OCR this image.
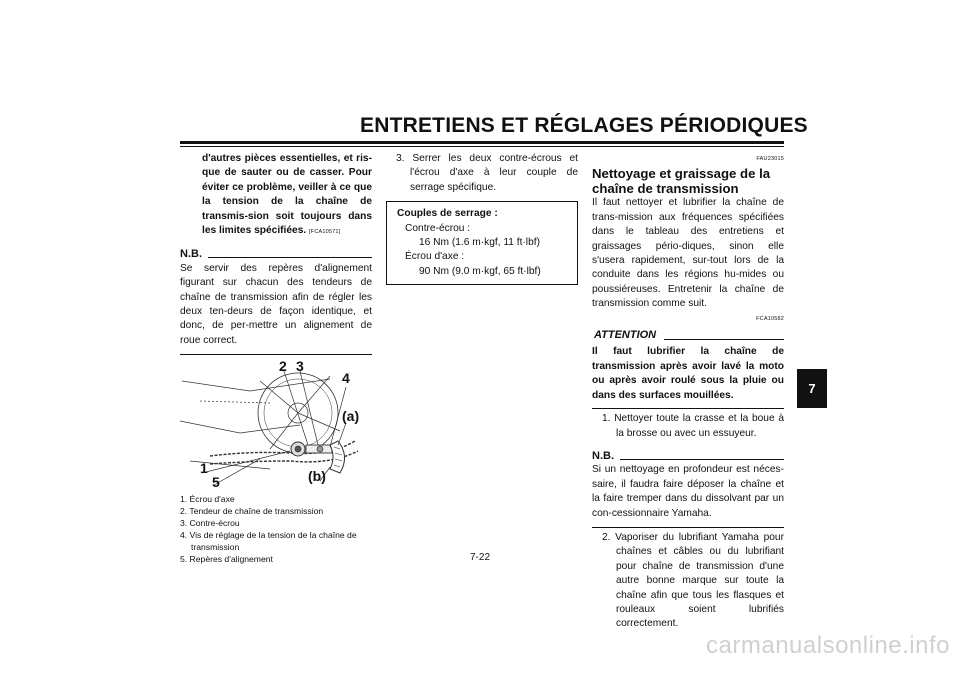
ENTRETIENS ET RÉGLAGES PÉRIODIQUES
d'autres pièces essentielles, et ris-que de sauter ou de casser. Pour éviter ce problème, veiller à ce que la tension de la chaîne de transmis-sion soit toujours dans les limites spécifiées. [FCA10571]
N.B.
Se servir des repères d'alignement figurant sur chacun des tendeurs de chaîne de transmission afin de régler les deux ten-deurs de façon identique, et donc, de per-mettre un alignement de roue correct.
2 3
4
(a)
1
5	(b)
1. Écrou d'axe
2. Tendeur de chaîne de transmission
3. Contre-écrou
4. Vis de réglage de la tension de la chaîne de transmission
5. Repères d'alignement
3. Serrer les deux contre-écrous et l'écrou d'axe à leur couple de serrage spécifique.
Couples de serrage :
Contre-écrou :
16 Nm (1.6 m·kgf, 11 ft·lbf)
Écrou d'axe :
90 Nm (9.0 m·kgf, 65 ft·lbf)
FAU23015
Nettoyage et graissage de la chaîne de transmission
Il faut nettoyer et lubrifier la chaîne de trans-mission aux fréquences spécifiées dans le tableau des entretiens et graissages pério-diques, sinon elle s'usera rapidement, sur-tout lors de la conduite dans les régions hu-mides ou poussiéreuses. Entretenir la chaîne de transmission comme suit.
FCA10582
ATTENTION
Il faut lubrifier la chaîne de transmission après avoir lavé la moto ou après avoir roulé sous la pluie ou dans des surfaces mouillées.
1. Nettoyer toute la crasse et la boue à la brosse ou avec un essuyeur.
N.B.
Si un nettoyage en profondeur est néces-saire, il faudra faire déposer la chaîne et la faire tremper dans du dissolvant par un con-cessionnaire Yamaha.
2. Vaporiser du lubrifiant Yamaha pour chaînes et câbles ou du lubrifiant pour chaîne de transmission d'une autre bonne marque sur toute la chaîne afin que tous les flasques et rouleaux soient lubrifiés correctement.
7
7-22
carmanualsonline.info
